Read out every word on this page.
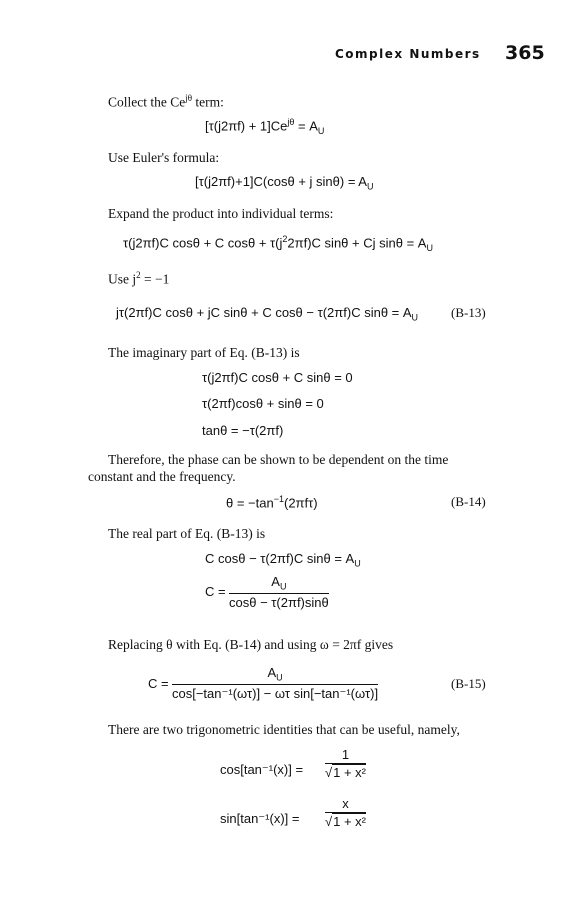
Complex Numbers 365
Collect the $Ce^{j\theta}$ term:
$[\tau(j2\pi f) + 1]Ce^{j\theta} = A_U$
Use Euler's formula:
[τ(j2πf)+1]C(cosθ + j $\sin\theta) = A_U$
Expand the product into individual terms:
τ(j2πf)C cosθ + C $\cos\theta + \tau(j^22\pi f)C$ sinθ + Cj $\sin\theta = A_U$
Use $j^2 = -1$
jτ(2πf)C cosθ + jC sinθ + C cosθ − τ(2πf)C $\sin\theta = A_U$	(B-13)
The imaginary part of Eq. (B-13) is
τ(j2πf)C cosθ + C sinθ = 0
τ(2πf)cosθ + sinθ = 0
tanθ = −τ(2πf)
Therefore, the phase can be shown to be dependent on the time
constant and the frequency.
$\theta = -\tan^{-1}(2\pi f\tau)$	(B-14)
The real part of Eq. (B-13) is
C cosθ − τ(2πf)C $\sin\theta = A_U$
$C = \frac{A_U}{\cos\theta - \tau(2\pi f)\sin\theta}$
Replacing θ with Eq. (B-14) and using ω = 2πf gives
$C = \frac{A_U}{\text{cos[−tan⁻¹(ωτ)] − ωτ sin[−tan⁻¹(ωτ)]}}$	(B-15)
There are two trigonometric identities that can be useful, namely,
$\cos[\tan^{-1}(x)] = \frac{1}{\text{√1 + x²}}$
$\sin[\tan^{-1}(x)] = \frac{x}{\text{√1 + x²}}$
